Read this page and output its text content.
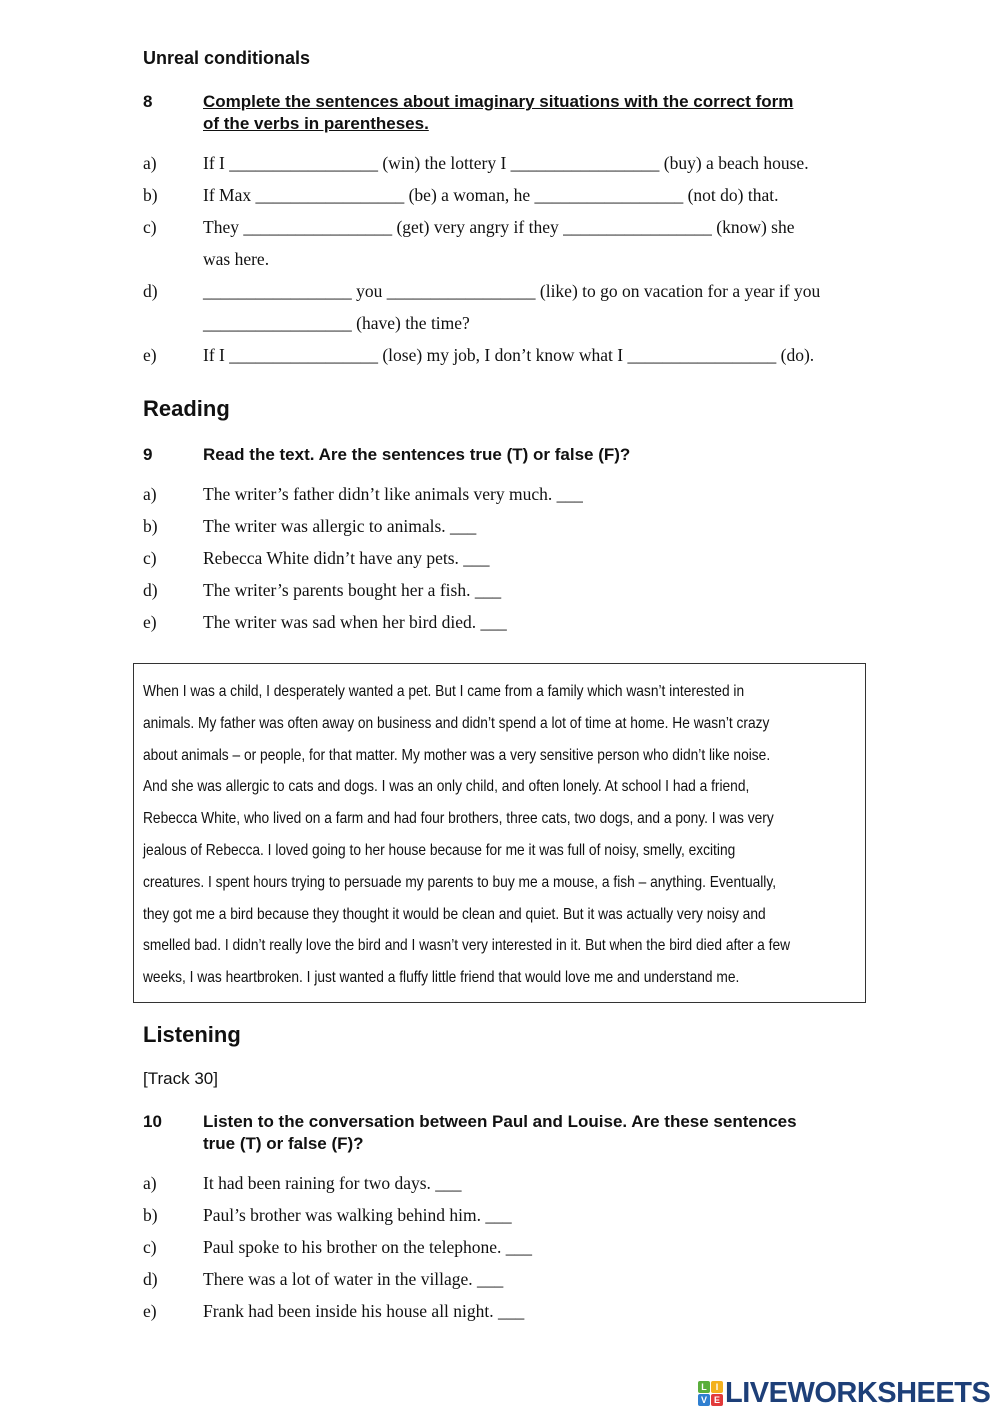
Unreal conditionals
8	Complete the sentences about imaginary situations with the correct form
of the verbs in parentheses.
Reading
9	Read the text. Are the sentences true (T) or false (F)?
When I was a child, I desperately wanted a pet. But I came from a family which wasn’t interested in
animals. My father was often away on business and didn’t spend a lot of time at home. He wasn’t crazy
about animals – or people, for that matter. My mother was a very sensitive person who didn’t like noise.
And she was allergic to cats and dogs. I was an only child, and often lonely. At school I had a friend,
Rebecca White, who lived on a farm and had four brothers, three cats, two dogs, and a pony. I was very
jealous of Rebecca. I loved going to her house because for me it was full of noisy, smelly, exciting
creatures. I spent hours trying to persuade my parents to buy me a mouse, a fish – anything. Eventually,
they got me a bird because they thought it would be clean and quiet. But it was actually very noisy and
smelled bad. I didn’t really love the bird and I wasn’t very interested in it. But when the bird died after a few
weeks, I was heartbroken. I just wanted a fluffy little friend that would love me and understand me.
Listening
[Track 30]
10 Listen to the conversation between Paul and Louise. Are these sentences
true (T) or false (F)?
L I
V E LIVEWORKSHEETS
a)	If I _________________ (win) the lottery I _________________ (buy) a beach house.
b)	If Max _________________ (be) a woman, he _________________ (not do) that.
c)	They _________________ (get) very angry if they _________________ (know) she
was here.
d)	_________________ you _________________ (like) to go on vacation for a year if you
_________________ (have) the time?
e)	If I _________________ (lose) my job, I don’t know what I _________________ (do).
a)	The writer’s father didn’t like animals very much. ___
b)	The writer was allergic to animals. ___
c)	Rebecca White didn’t have any pets. ___
d)	The writer’s parents bought her a fish. ___
e)	The writer was sad when her bird died. ___
a)	It had been raining for two days. ___
b)	Paul’s brother was walking behind him. ___
c)	Paul spoke to his brother on the telephone. ___
d)	There was a lot of water in the village. ___
e)	Frank had been inside his house all night. ___
